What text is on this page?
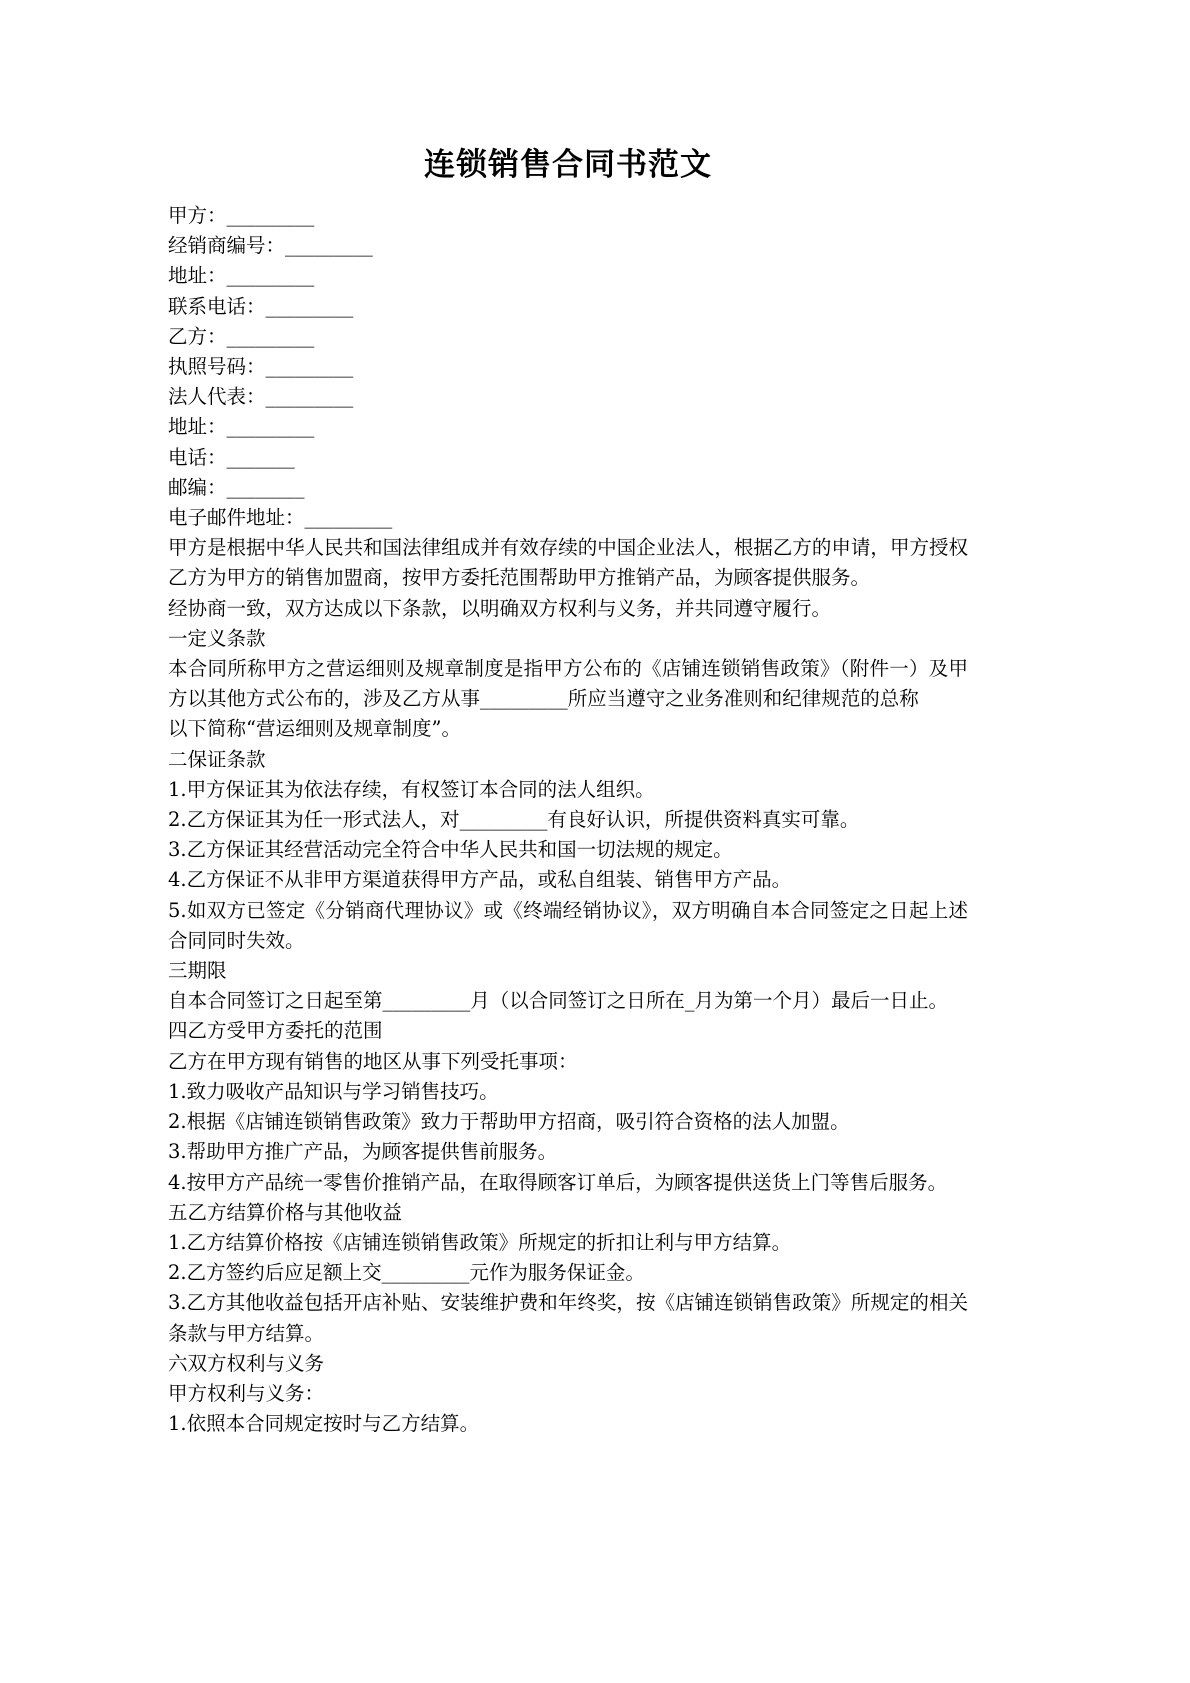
连锁销售合同书范文
甲方：_________
经销商编号：_________
地址：_________
联系电话：_________
乙方：_________
执照号码：_________
法人代表：_________
地址：_________
电话：_______
邮编：________
电子邮件地址：_________
甲方是根据中华人民共和国法律组成并有效存续的中国企业法人，根据乙方的申请，甲方授权乙方为甲方的销售加盟商，按甲方委托范围帮助甲方推销产品，为顾客提供服务。
经协商一致，双方达成以下条款，以明确双方权利与义务，并共同遵守履行。
一定义条款
本合同所称甲方之营运细则及规章制度是指甲方公布的《店铺连锁销售政策》（附件一）及甲方以其他方式公布的，涉及乙方从事_________所应当遵守之业务准则和纪律规范的总称
以下简称“营运细则及规章制度”。
二保证条款
1.甲方保证其为依法存续，有权签订本合同的法人组织。
2.乙方保证其为任一形式法人，对_________有良好认识，所提供资料真实可靠。
3.乙方保证其经营活动完全符合中华人民共和国一切法规的规定。
4.乙方保证不从非甲方渠道获得甲方产品，或私自组装、销售甲方产品。
5.如双方已签定《分销商代理协议》或《终端经销协议》，双方明确自本合同签定之日起上述合同同时失效。
三期限
自本合同签订之日起至第_________月（以合同签订之日所在_月为第一个月）最后一日止。
四乙方受甲方委托的范围
乙方在甲方现有销售的地区从事下列受托事项：
1.致力吸收产品知识与学习销售技巧。
2.根据《店铺连锁销售政策》致力于帮助甲方招商，吸引符合资格的法人加盟。
3.帮助甲方推广产品，为顾客提供售前服务。
4.按甲方产品统一零售价推销产品，在取得顾客订单后，为顾客提供送货上门等售后服务。
五乙方结算价格与其他收益
1.乙方结算价格按《店铺连锁销售政策》所规定的折扣让利与甲方结算。
2.乙方签约后应足额上交_________元作为服务保证金。
3.乙方其他收益包括开店补贴、安装维护费和年终奖，按《店铺连锁销售政策》所规定的相关条款与甲方结算。
六双方权利与义务
甲方权利与义务：
1.依照本合同规定按时与乙方结算。
